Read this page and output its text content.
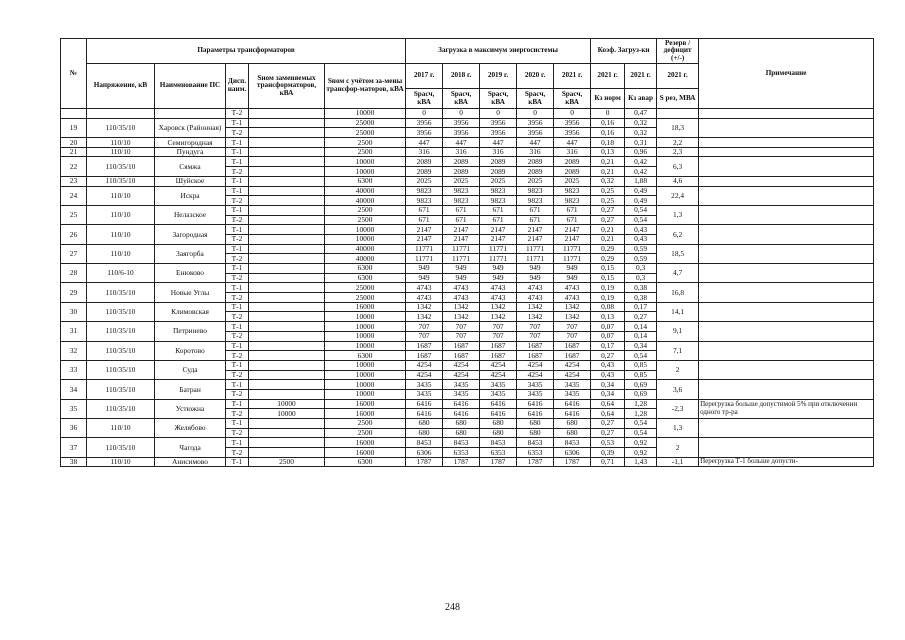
№	Параметры трансформаторов					Загрузка в максимум энергосистемы					Коэф. Загруз-ки		Резерв /дефицит (+/-)	Примечание
	Напряжение, кВ	Наименование ПС	Дисп. наим.	Sном заменяемых трансформаторов, кВА	Sном с учётом за-мены трансфор-маторов, кВА	2017 г.	2018 г.	2019 г.	2020 г.	2021 г.	2021 г.	2021 г.	2021 г.	
						Sрасч, кВА	Sрасч, кВА	Sрасч, кВА	Sрасч, кВА	Sрасч, кВА	Кз норм	Кз авар	S рез, МВА	
			Т-2		10000	0	0	0	0	0	0	0,47		
19	110/35/10	Харовск (Районная)	Т-1		25000	3956	3956	3956	3956	3956	0,16	0,32	18,3	
			Т-2		25000	3956	3956	3956	3956	3956	0,16	0,32		
20	110/10	Семигородная	Т-1		2500	447	447	447	447	447	0,18	0,31	2,2	
21	110/10	Пундуга	Т-1		2500	316	316	316	316	316	0,13	0,96	2,3	
22	110/35/10	Сямжа	Т-1		10000	2089	2089	2089	2089	2089	0,21	0,42	6,3	
			Т-2		10000	2089	2089	2089	2089	2089	0,21	0,42		
23	110/35/10	Шуйское	Т-1		6300	2025	2025	2025	2025	2025	0,32	1,88	4,6	
24	110/10	Искра	Т-1		40000	9823	9823	9823	9823	9823	0,25	0,49	22,4	
			Т-2		40000	9823	9823	9823	9823	9823	0,25	0,49		
25	110/10	Нелазское	Т-1		2500	671	671	671	671	671	0,27	0,54	1,3	
			Т-2		2500	671	671	671	671	671	0,27	0,54		
26	110/10	Загородная	Т-1		10000	2147	2147	2147	2147	2147	0,21	0,43	6,2	
			Т-2		10000	2147	2147	2147	2147	2147	0,21	0,43		
27	110/10	Заягорба	Т-1		40000	11771	11771	11771	11771	11771	0,29	0,59	18,5	
			Т-2		40000	11771	11771	11771	11771	11771	0,29	0,59		
28	110/6-10	Енюково	Т-1		6300	949	949	949	949	949	0,15	0,3	4,7	
			Т-2		6300	949	949	949	949	949	0,15	0,3		
29	110/35/10	Новые Углы	Т-1		25000	4743	4743	4743	4743	4743	0,19	0,38	16,8	
			Т-2		25000	4743	4743	4743	4743	4743	0,19	0,38		
30	110/35/10	Климовская	Т-1		16000	1342	1342	1342	1342	1342	0,08	0,17	14,1	
			Т-2		10000	1342	1342	1342	1342	1342	0,13	0,27		
31	110/35/10	Петринево	Т-1		10000	707	707	707	707	707	0,07	0,14	9,1	
			Т-2		10000	707	707	707	707	707	0,07	0,14		
32	110/35/10	Коротово	Т-1		10000	1687	1687	1687	1687	1687	0,17	0,34	7,1	
			Т-2		6300	1687	1687	1687	1687	1687	0,27	0,54		
33	110/35/10	Суда	Т-1		10000	4254	4254	4254	4254	4254	0,43	0,85	2	
			Т-2		10000	4254	4254	4254	4254	4254	0,43	0,85		
34	110/35/10	Батран	Т-1		10000	3435	3435	3435	3435	3435	0,34	0,69	3,6	
			Т-2		10000	3435	3435	3435	3435	3435	0,34	0,69		
35	110/35/10	Устюжна	Т-1	10000	16000	6416	6416	6416	6416	6416	0,64	1,28	-2,3	Перегрузка больше допустимой 5% при отключении одного тр-ра
			Т-2	10000	16000	6416	6416	6416	6416	6416	0,64	1,28		
36	110/10	Желябово	Т-1		2500	680	680	680	680	680	0,27	0,54	1,3	
			Т-2		2500	680	680	680	680	680	0,27	0,54		
37	110/35/10	Чагода	Т-1		16000	8453	8453	8453	8453	8453	0,53	0,92	2	
			Т-2		16000	6306	6353	6353	6353	6306	0,39	0,92		
38	110/10	Анисимово	Т-1	2500	6300	1787	1787	1787	1787	1787	0,71	1,43	-1,1	Перегрузка Т-1 больше допусти-
248
